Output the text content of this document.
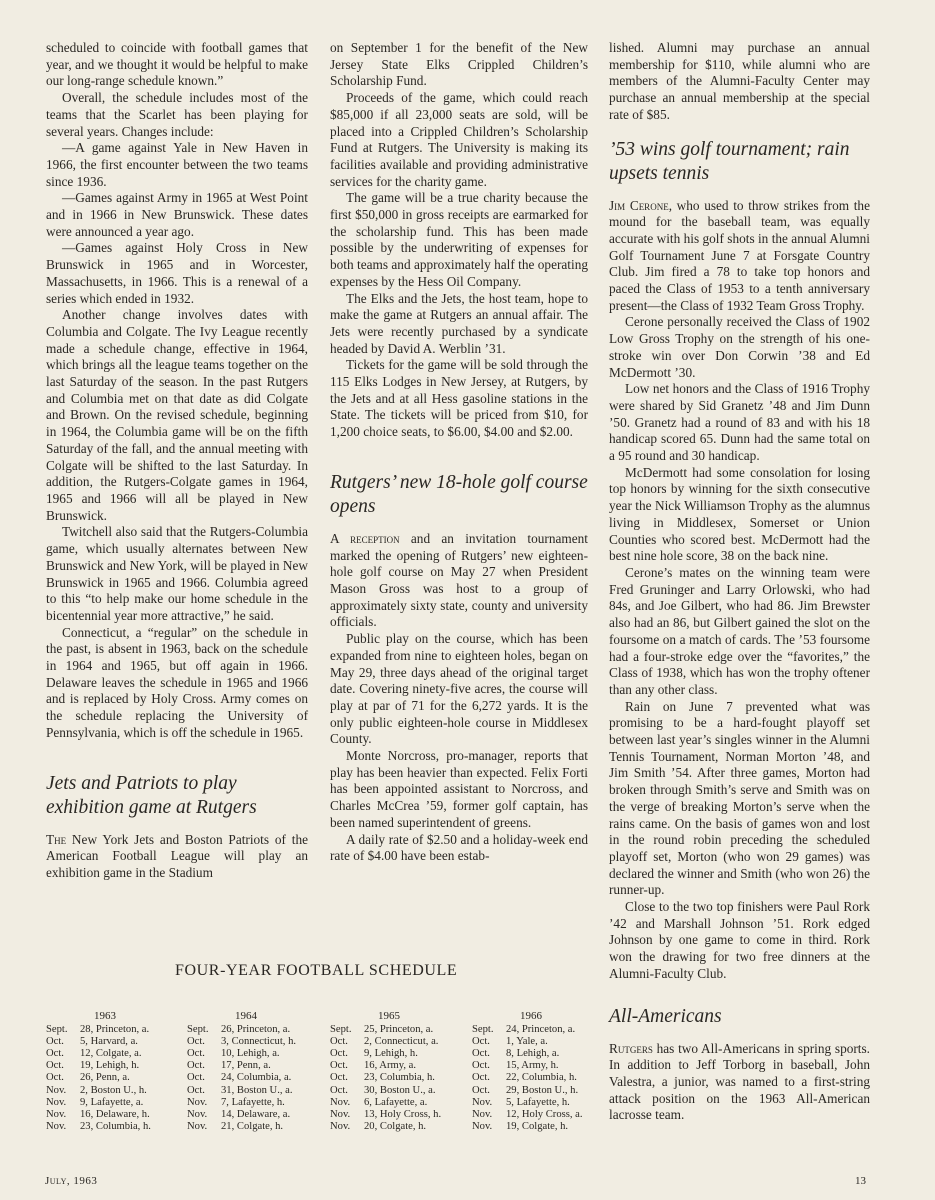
scheduled to coincide with football games that year, and we thought it would be helpful to make our long-range schedule known.”

Overall, the schedule includes most of the teams that the Scarlet has been playing for several years. Changes include:

—A game against Yale in New Haven in 1966, the first encounter between the two teams since 1936.

—Games against Army in 1965 at West Point and in 1966 in New Brunswick. These dates were announced a year ago.

—Games against Holy Cross in New Brunswick in 1965 and in Worcester, Massachusetts, in 1966. This is a renewal of a series which ended in 1932.

Another change involves dates with Columbia and Colgate. The Ivy League recently made a schedule change, effective in 1964, which brings all the league teams together on the last Saturday of the season. In the past Rutgers and Columbia met on that date as did Colgate and Brown. On the revised schedule, beginning in 1964, the Columbia game will be on the fifth Saturday of the fall, and the annual meeting with Colgate will be shifted to the last Saturday. In addition, the Rutgers-Colgate games in 1964, 1965 and 1966 will all be played in New Brunswick.

Twitchell also said that the Rutgers-Columbia game, which usually alternates between New Brunswick and New York, will be played in New Brunswick in 1965 and 1966. Columbia agreed to this “to help make our home schedule in the bicentennial year more attractive,” he said.

Connecticut, a “regular” on the schedule in the past, is absent in 1963, back on the schedule in 1964 and 1965, but off again in 1966. Delaware leaves the schedule in 1965 and 1966 and is replaced by Holy Cross. Army comes on the schedule replacing the University of Pennsylvania, which is off the schedule in 1965.

Jets and Patriots to play exhibition game at Rutgers

The New York Jets and Boston Patriots of the American Football League will play an exhibition game in the Stadium

on September 1 for the benefit of the New Jersey State Elks Crippled Children’s Scholarship Fund.

Proceeds of the game, which could reach $85,000 if all 23,000 seats are sold, will be placed into a Crippled Children’s Scholarship Fund at Rutgers. The University is making its facilities available and providing administrative services for the charity game.

The game will be a true charity because the first $50,000 in gross receipts are earmarked for the scholarship fund. This has been made possible by the underwriting of expenses for both teams and approximately half the operating expenses by the Hess Oil Company.

The Elks and the Jets, the host team, hope to make the game at Rutgers an annual affair. The Jets were recently purchased by a syndicate headed by David A. Werblin ’31.

Tickets for the game will be sold through the 115 Elks Lodges in New Jersey, at Rutgers, by the Jets and at all Hess gasoline stations in the State. The tickets will be priced from $10, for 1,200 choice seats, to $6.00, $4.00 and $2.00.

Rutgers’ new 18-hole golf course opens

A reception and an invitation tournament marked the opening of Rutgers’ new eighteen-hole golf course on May 27 when President Mason Gross was host to a group of approximately sixty state, county and university officials.

Public play on the course, which has been expanded from nine to eighteen holes, began on May 29, three days ahead of the original target date. Covering ninety-five acres, the course will play at par of 71 for the 6,272 yards. It is the only public eighteen-hole course in Middlesex County.

Monte Norcross, pro-manager, reports that play has been heavier than expected. Felix Forti has been appointed assistant to Norcross, and Charles McCrea ’59, former golf captain, has been named superintendent of greens.

A daily rate of $2.50 and a holiday-week end rate of $4.00 have been estab-

lished. Alumni may purchase an annual membership for $110, while alumni who are members of the Alumni-Faculty Center may purchase an annual membership at the special rate of $85.

’53 wins golf tournament; rain upsets tennis

Jim Cerone, who used to throw strikes from the mound for the baseball team, was equally accurate with his golf shots in the annual Alumni Golf Tournament June 7 at Forsgate Country Club. Jim fired a 78 to take top honors and paced the Class of 1953 to a tenth anniversary present—the Class of 1932 Team Gross Trophy.

Cerone personally received the Class of 1902 Low Gross Trophy on the strength of his one-stroke win over Don Corwin ’38 and Ed McDermott ’30.

Low net honors and the Class of 1916 Trophy were shared by Sid Granetz ’48 and Jim Dunn ’50. Granetz had a round of 83 and with his 18 handicap scored 65. Dunn had the same total on a 95 round and 30 handicap.

McDermott had some consolation for losing top honors by winning for the sixth consecutive year the Nick Williamson Trophy as the alumnus living in Middlesex, Somerset or Union Counties who scored best. McDermott had the best nine hole score, 38 on the back nine.

Cerone’s mates on the winning team were Fred Gruninger and Larry Orlowski, who had 84s, and Joe Gilbert, who had 86. Jim Brewster also had an 86, but Gilbert gained the slot on the foursome on a match of cards. The ’53 foursome had a four-stroke edge over the “favorites,” the Class of 1938, which has won the trophy oftener than any other class.

Rain on June 7 prevented what was promising to be a hard-fought playoff set between last year’s singles winner in the Alumni Tennis Tournament, Norman Morton ’48, and Jim Smith ’54. After three games, Morton had broken through Smith’s serve and Smith was on the verge of breaking Morton’s serve when the rains came. On the basis of games won and lost in the round robin preceding the scheduled playoff set, Morton (who won 29 games) was declared the winner and Smith (who won 26) the runner-up.

Close to the two top finishers were Paul Rork ’42 and Marshall Johnson ’51. Rork edged Johnson by one game to come in third. Rork won the drawing for two free dinners at the Alumni-Faculty Club.

All-Americans

Rutgers has two All-Americans in spring sports. In addition to Jeff Torborg in baseball, John Valestra, a junior, was named to a first-string attack position on the 1963 All-American lacrosse team.

FOUR-YEAR FOOTBALL SCHEDULE
1963
Sept. 28, Princeton, a.
Oct. 5, Harvard, a.
Oct. 12, Colgate, a.
Oct. 19, Lehigh, h.
Oct. 26, Penn, a.
Nov. 2, Boston U., h.
Nov. 9, Lafayette, a.
Nov. 16, Delaware, h.
Nov. 23, Columbia, h.
1964
Sept. 26, Princeton, a.
Oct. 3, Connecticut, h.
Oct. 10, Lehigh, a.
Oct. 17, Penn, a.
Oct. 24, Columbia, a.
Oct. 31, Boston U., a.
Nov. 7, Lafayette, h.
Nov. 14, Delaware, a.
Nov. 21, Colgate, h.
1965
Sept. 25, Princeton, a.
Oct. 2, Connecticut, a.
Oct. 9, Lehigh, h.
Oct. 16, Army, a.
Oct. 23, Columbia, h.
Oct. 30, Boston U., a.
Nov. 6, Lafayette, a.
Nov. 13, Holy Cross, h.
Nov. 20, Colgate, h.
1966
Sept. 24, Princeton, a.
Oct. 1, Yale, a.
Oct. 8, Lehigh, a.
Oct. 15, Army, h.
Oct. 22, Columbia, h.
Oct. 29, Boston U., h.
Nov. 5, Lafayette, h.
Nov. 12, Holy Cross, a.
Nov. 19, Colgate, h.
July, 1963	13
